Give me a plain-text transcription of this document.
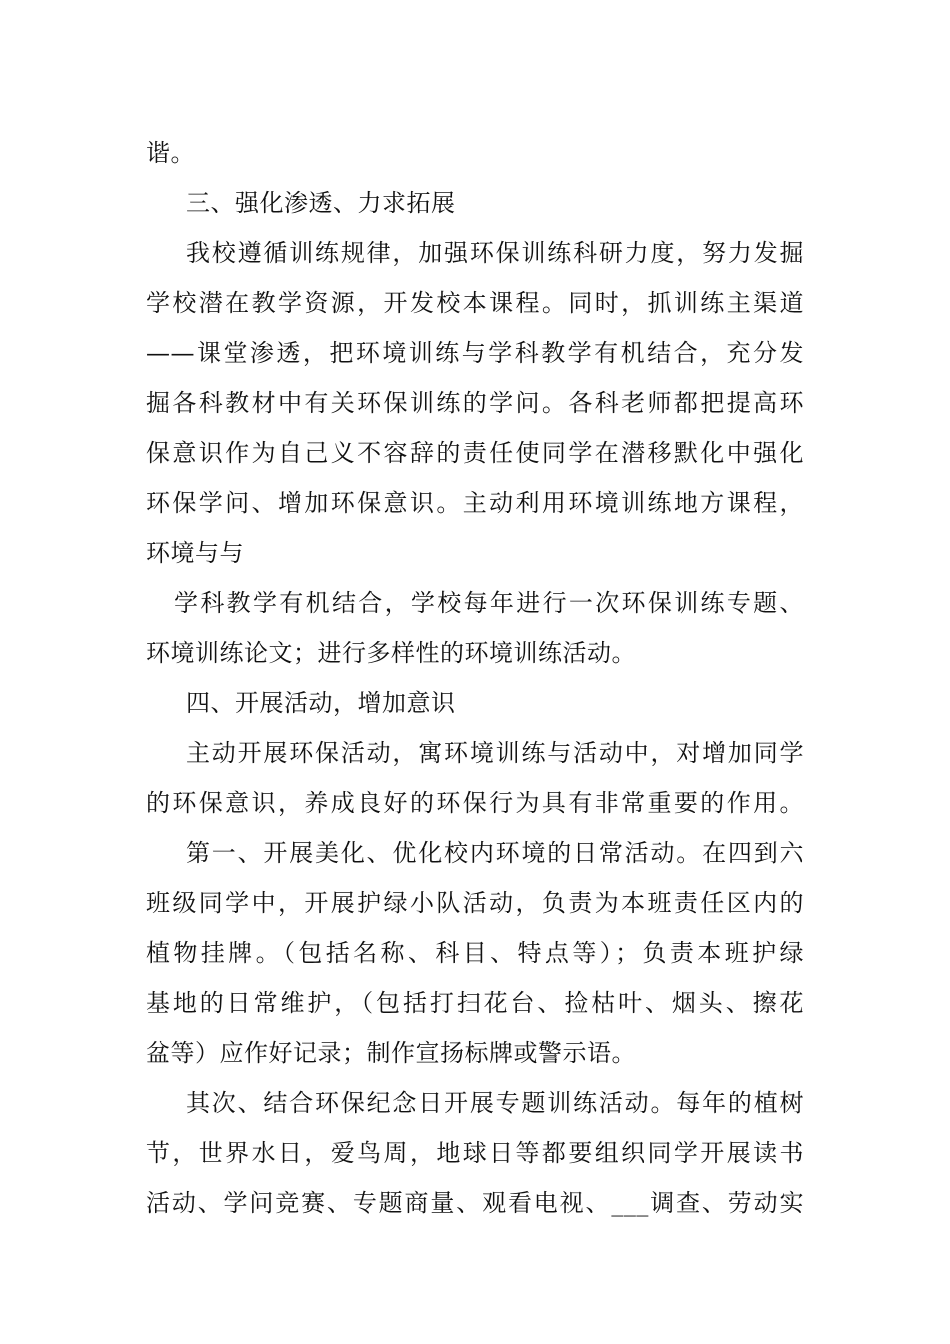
谐。
三、强化渗透、力求拓展
我校遵循训练规律，加强环保训练科研力度，努力发掘
学校潜在教学资源，开发校本课程。同时，抓训练主渠道
——课堂渗透，把环境训练与学科教学有机结合，充分发
掘各科教材中有关环保训练的学问。各科老师都把提高环
保意识作为自己义不容辞的责任使同学在潜移默化中强化
环保学问、增加环保意识。主动利用环境训练地方课程，
环境与与
学科教学有机结合，学校每年进行一次环保训练专题、
环境训练论文；进行多样性的环境训练活动。
四、开展活动，增加意识
主动开展环保活动，寓环境训练与活动中，对增加同学
的环保意识，养成良好的环保行为具有非常重要的作用。
第一、开展美化、优化校内环境的日常活动。在四到六
班级同学中，开展护绿小队活动，负责为本班责任区内的
植物挂牌。（包括名称、科目、特点等）；负责本班护绿
基地的日常维护，（包括打扫花台、捡枯叶、烟头、擦花
盆等）应作好记录；制作宣扬标牌或警示语。
其次、结合环保纪念日开展专题训练活动。每年的植树
节，世界水日，爱鸟周，地球日等都要组织同学开展读书
活动、学问竞赛、专题商量、观看电视、___调查、劳动实
